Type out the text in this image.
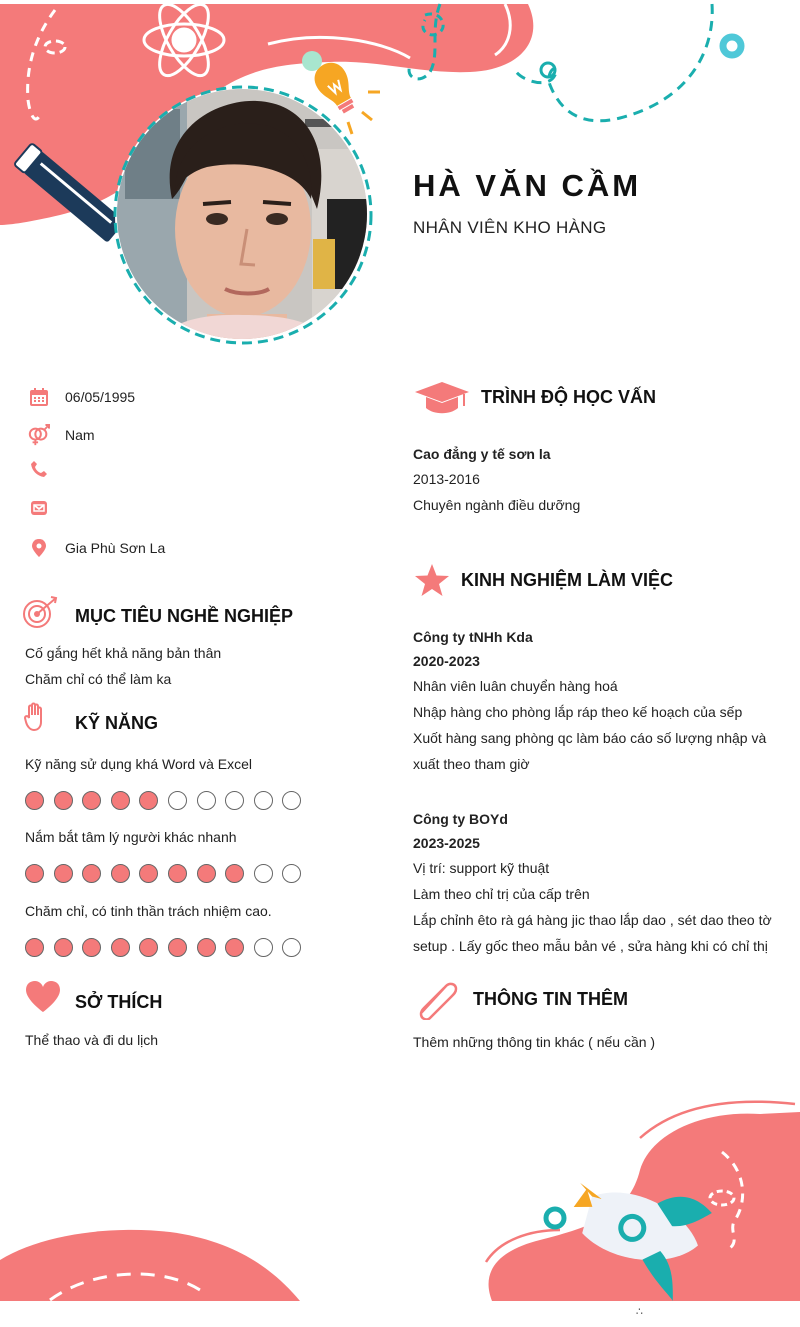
HÀ VĂN CẦM
NHÂN VIÊN KHO HÀNG
06/05/1995
Nam
Gia Phù Sơn La
MỤC TIÊU NGHỀ NGHIỆP
Cố gắng hết khả năng bản thân
Chăm chỉ có thể làm ka
KỸ NĂNG
Kỹ năng sử dụng khá Word và Excel
Nắm bắt tâm lý người khác nhanh
Chăm chỉ, có tinh thần trách nhiệm cao.
SỞ THÍCH
Thể thao và đi du lịch
TRÌNH ĐỘ HỌC VẤN
Cao đẳng y tế sơn la
2013-2016
Chuyên ngành điều dưỡng
KINH NGHIỆM LÀM VIỆC
Công ty tNHh Kda
2020-2023
Nhân viên luân chuyển hàng hoá
Nhập hàng cho phòng lắp ráp theo kế hoạch của sếp
Xuốt hàng sang phòng qc làm báo cáo số lượng nhập và
xuất theo tham giờ
Công ty BOYd
2023-2025
Vị trí: support kỹ thuật
Làm theo chỉ trị của cấp trên
Lắp chỉnh êto rà gá hàng jic thao lắp dao , sét dao theo tờ
setup . Lấy gốc theo mẫu bản vé , sửa hàng khi có chỉ thị
THÔNG TIN THÊM
Thêm những thông tin khác ( nếu cần )
∴
